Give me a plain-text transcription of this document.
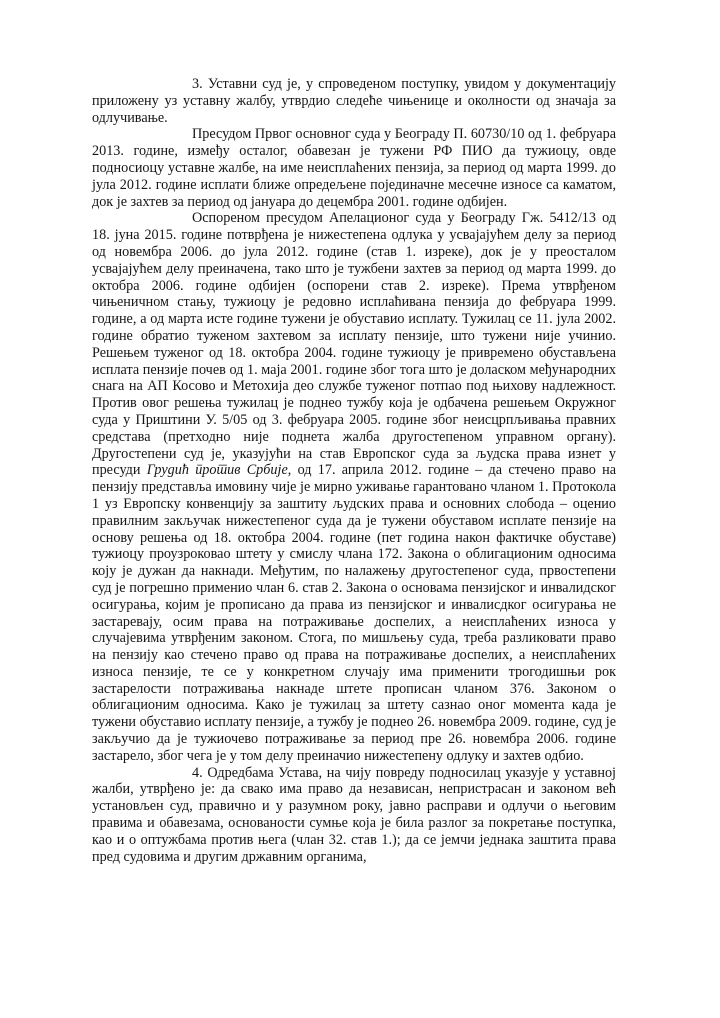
3. Уставни суд је, у спроведеном поступку, увидом у документацију приложену уз уставну жалбу, утврдио следеће чињенице и околности од значаја за одлучивање.

Пресудом Првог основног суда у Београду П. 60730/10 од 1. фебруара 2013. године, између осталог, обавезан је тужени РФ ПИО да тужиоцу, овде подносиоцу уставне жалбе, на име неисплаћених пензија, за период од марта 1999. до јула 2012. године исплати ближе опредељене појединачне месечне износе са каматом, док је захтев за период од јануара до децембра 2001. године одбијен.

Оспореном пресудом Апелационог суда у Београду Гж. 5412/13 од 18. јуна 2015. године потврђена је нижестепена одлука у усвајајућем делу за период од новембра 2006. до јула 2012. године (став 1. изреке), док је у преосталом усвајајућем делу преиначена, тако што је тужбени захтев за период од марта 1999. до октобра 2006. године одбијен (оспорени став 2. изреке). Према утврђеном чињеничном стању, тужиоцу је редовно исплаћивана пензија до фебруара 1999. године, а од марта исте године тужени је обуставио исплату. Тужилац се 11. јула 2002. године обратио туженом захтевом за исплату пензије, што тужени није учинио. Решењем туженог од 18. октобра 2004. године тужиоцу је привремено обустављена исплата пензије почев од 1. маја 2001. године због тога што је доласком међународних снага на АП Косово и Метохија део службе туженог потпао под њихову надлежност. Против овог решења тужилац је поднео тужбу која је одбачена решењем Окружног суда у Приштини У. 5/05 од 3. фебруара 2005. године због неисцрпљивања правних средстава (претходно није поднета жалба другостепеном управном органу). Другостепени суд је, указујући на став Европског суда за људска права изнет у пресуди Грудић против Србије, од 17. априла 2012. године – да стечено право на пензију представља имовину чије је мирно уживање гарантовано чланом 1. Протокола 1 уз Европску конвенцију за заштиту људских права и основних слобода – оценио правилним закључак нижестепеног суда да је тужени обуставом исплате пензије на основу решења од 18. октобра 2004. године (пет година након фактичке обуставе) тужиоцу проузроковао штету у смислу члана 172. Закона о облигационим односима коју је дужан да накнади. Међутим, по налажењу другостепеног суда, првостепени суд је погрешно применио члан 6. став 2. Закона о основама пензијског и инвалидског осигурања, којим је прописано да права из пензијског и инвалисдког осигурања не застаревају, осим права на потраживање доспелих, а неисплаћених износа у случајевима утврђеним законом. Стога, по мишљењу суда, треба разликовати право на пензију као стечено право од права на потраживање доспелих, а неисплаћених износа пензије, те се у конкретном случају има применити трогодишњи рок застарелости потраживања накнаде штете прописан чланом 376. Законом о облигационим односима. Како је тужилац за штету сазнао оног момента када је тужени обуставио исплату пензије, а тужбу је поднео 26. новембра 2009. године, суд је закључио да је тужиочево потраживање за период пре 26. новембра 2006. године застарело, због чега је у том делу преиначио нижестепену одлуку и захтев одбио.

4. Одредбама Устава, на чију повреду подносилац указује у уставној жалби, утврђено је: да свако има право да независан, непристрасан и законом већ установљен суд, правично и у разумном року, јавно расправи и одлучи о његовим правима и обавезама, основаности сумње која је била разлог за покретање поступка, као и о оптужбама против њега (члан 32. став 1.); да се јемчи једнака заштита права пред судовима и другим државним органима,
